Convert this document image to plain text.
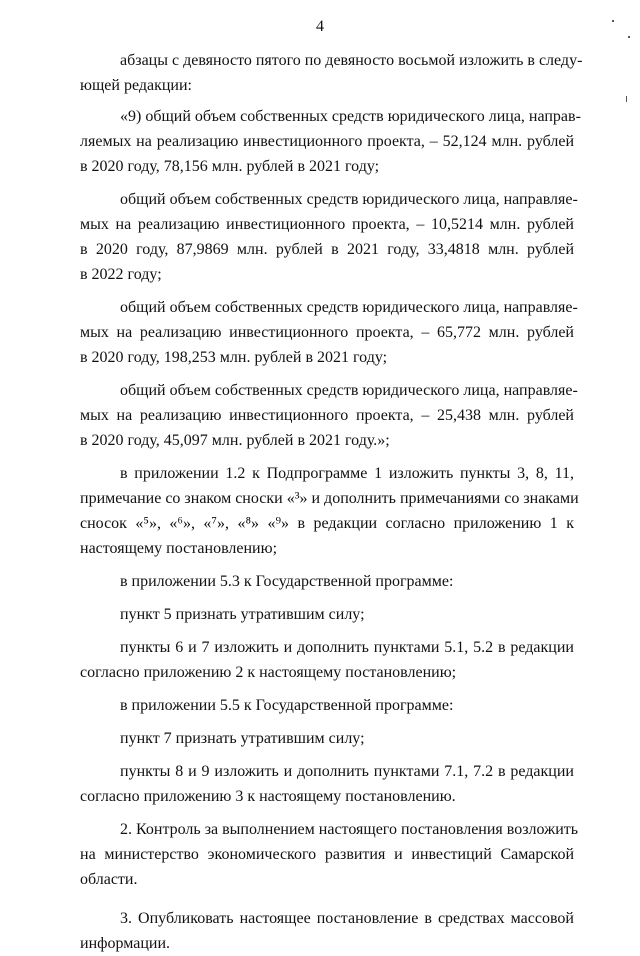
4
абзацы с девяносто пятого по девяносто восьмой изложить в следу-
ющей редакции:
«9) общий объем собственных средств юридического лица, направ-
ляемых на реализацию инвестиционного проекта, – 52,124 млн. рублей
в 2020 году, 78,156 млн. рублей в 2021 году;
общий объем собственных средств юридического лица, направляе-
мых на реализацию инвестиционного проекта, – 10,5214 млн. рублей
в 2020 году, 87,9869 млн. рублей в 2021 году, 33,4818 млн. рублей
в 2022 году;
общий объем собственных средств юридического лица, направляе-
мых на реализацию инвестиционного проекта, – 65,772 млн. рублей
в 2020 году, 198,253 млн. рублей в 2021 году;
общий объем собственных средств юридического лица, направляе-
мых на реализацию инвестиционного проекта, – 25,438 млн. рублей
в 2020 году, 45,097 млн. рублей в 2021 году.»;
в приложении 1.2 к Подпрограмме 1 изложить пункты 3, 8, 11,
примечание со знаком сноски «³» и дополнить примечаниями со знаками
сносок «⁵», «⁶», «⁷», «⁸» «⁹» в редакции согласно приложению 1 к
настоящему постановлению;
в приложении 5.3 к Государственной программе:
пункт 5 признать утратившим силу;
пункты 6 и 7 изложить и дополнить пунктами 5.1, 5.2 в редакции
согласно приложению 2 к настоящему постановлению;
в приложении 5.5 к Государственной программе:
пункт 7 признать утратившим силу;
пункты 8 и 9 изложить и дополнить пунктами 7.1, 7.2 в редакции
согласно приложению 3 к настоящему постановлению.
2. Контроль за выполнением настоящего постановления возложить
на министерство экономического развития и инвестиций Самарской
области.
3. Опубликовать настоящее постановление в средствах массовой
информации.
